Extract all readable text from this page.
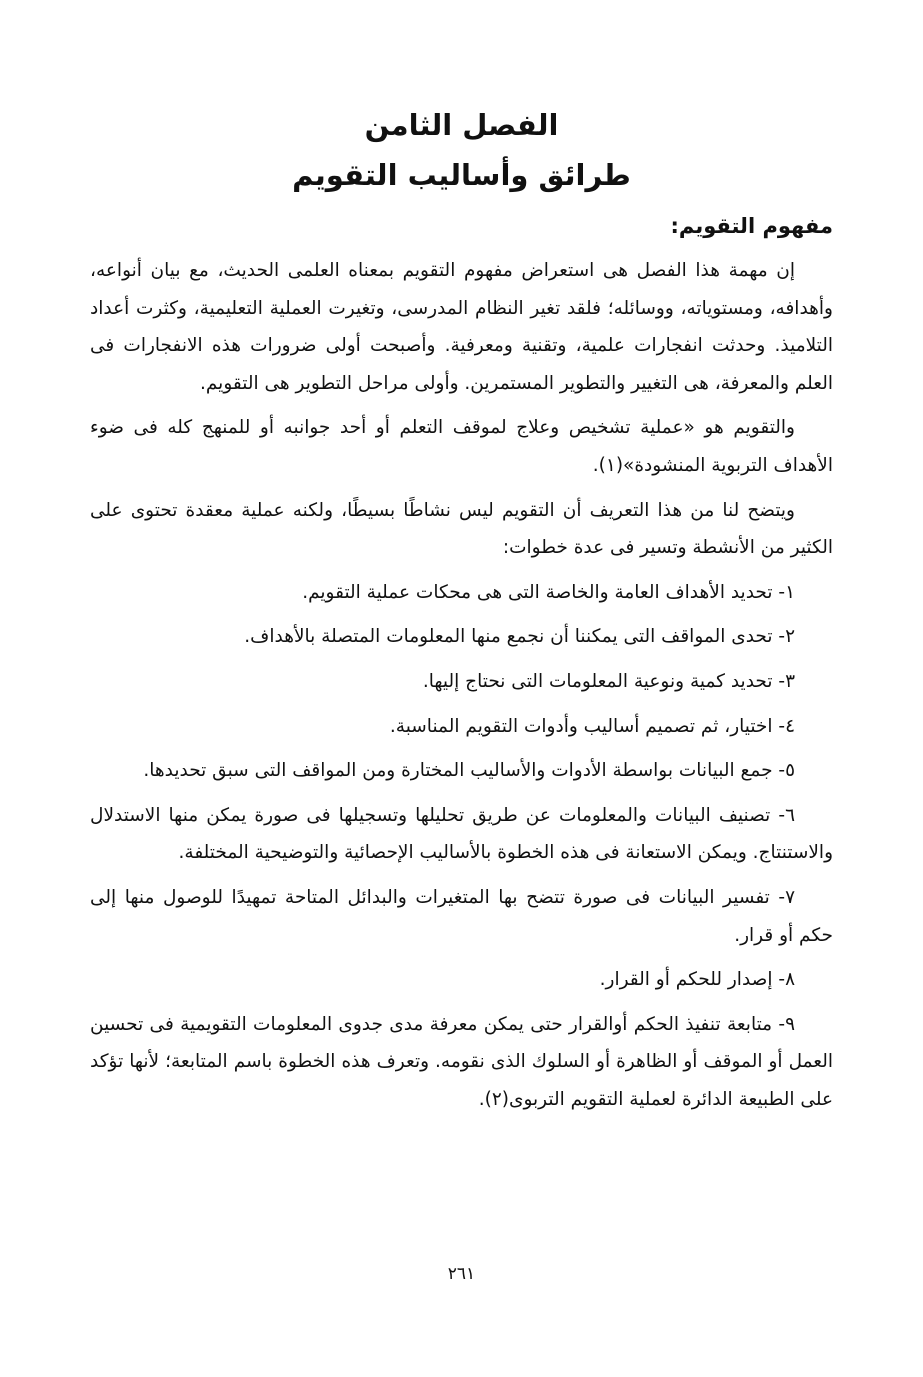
الفصل الثامن
طرائق وأساليب التقويم
مفهوم التقويم:

إن مهمة هذا الفصل هى استعراض مفهوم التقويم بمعناه العلمى الحديث، مع بيان أنواعه، وأهدافه، ومستوياته، ووسائله؛ فلقد تغير النظام المدرسى، وتغيرت العملية التعليمية، وكثرت أعداد التلاميذ. وحدثت انفجارات علمية، وتقنية ومعرفية. وأصبحت أولى ضرورات هذه الانفجارات فى العلم والمعرفة، هى التغيير والتطوير المستمرين. وأولى مراحل التطوير هى التقويم.

والتقويم هو «عملية تشخيص وعلاج لموقف التعلم أو أحد جوانبه أو للمنهج كله فى ضوء الأهداف التربوية المنشودة»(١).

ويتضح لنا من هذا التعريف أن التقويم ليس نشاطًا بسيطًا، ولكنه عملية معقدة تحتوى على الكثير من الأنشطة وتسير فى عدة خطوات:

١- تحديد الأهداف العامة والخاصة التى هى محكات عملية التقويم.

٢- تحدى المواقف التى يمكننا أن نجمع منها المعلومات المتصلة بالأهداف.

٣- تحديد كمية ونوعية المعلومات التى نحتاج إليها.

٤- اختيار، ثم تصميم أساليب وأدوات التقويم المناسبة.

٥- جمع البيانات بواسطة الأدوات والأساليب المختارة ومن المواقف التى سبق تحديدها.

٦- تصنيف البيانات والمعلومات عن طريق تحليلها وتسجيلها فى صورة يمكن منها الاستدلال والاستنتاج. ويمكن الاستعانة فى هذه الخطوة بالأساليب الإحصائية والتوضيحية المختلفة.

٧- تفسير البيانات فى صورة تتضح بها المتغيرات والبدائل المتاحة تمهيدًا للوصول منها إلى حكم أو قرار.

٨- إصدار للحكم أو القرار.

٩- متابعة تنفيذ الحكم أوالقرار حتى يمكن معرفة مدى جدوى المعلومات التقويمية فى تحسين العمل أو الموقف أو الظاهرة أو السلوك الذى نقومه. وتعرف هذه الخطوة باسم المتابعة؛ لأنها تؤكد على الطبيعة الدائرة لعملية التقويم التربوى(٢).

٢٦١
